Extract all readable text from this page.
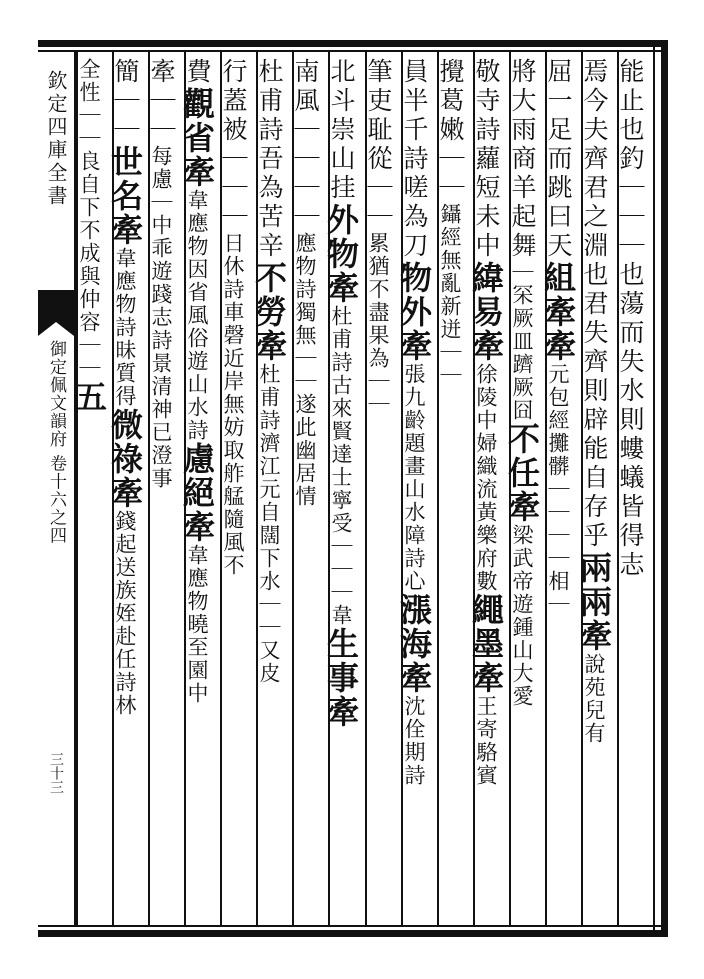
欽定四庫全書
御定佩文韻府 卷十六之四
三十三
能止也釣｜｜｜也蕩而失水則螻蟻皆得志
焉今夫齊君之淵也君失齊則辟能自存乎兩兩牽說苑兒有
屈一足而跳曰天組牽牽元包經攤髒｜｜｜｜相｜
將大雨商羊起舞｜罙厥皿躋厥囧不任牽梁武帝遊鍾山大愛
敬寺詩蘿短未中緯易牽徐陵中婦織流黃樂府數繩墨牽王寄駱賓
攪葛嫩｜｜鑷經無亂新迸｜｜
員半千詩嗟為刀物外牽張九齡題畫山水障詩心漲海牽沈佺期詩
筆吏耻從｜｜累猶不盡果為｜｜
北斗崇山挂外物牽杜甫詩古來賢達士寧受｜｜｜韋生事牽
南風｜｜｜｜應物詩獨無｜｜遂此幽居情
杜甫詩吾為苦辛不勞牽杜甫詩濟江元自闊下水｜｜又皮
行蓋被｜｜｜日休詩車磬近岸無妨取舴艋隨風不
費觀省牽韋應物因省風俗遊山水詩慮絕牽韋應物曉至園中
牽｜｜每慮｜中乖遊踐志詩景清神已澄事
簡｜｜世名牽韋應物詩昧質得微祿牽錢起送族姪赴任詩林
全性｜｜良自下不成與仲容｜｜五
